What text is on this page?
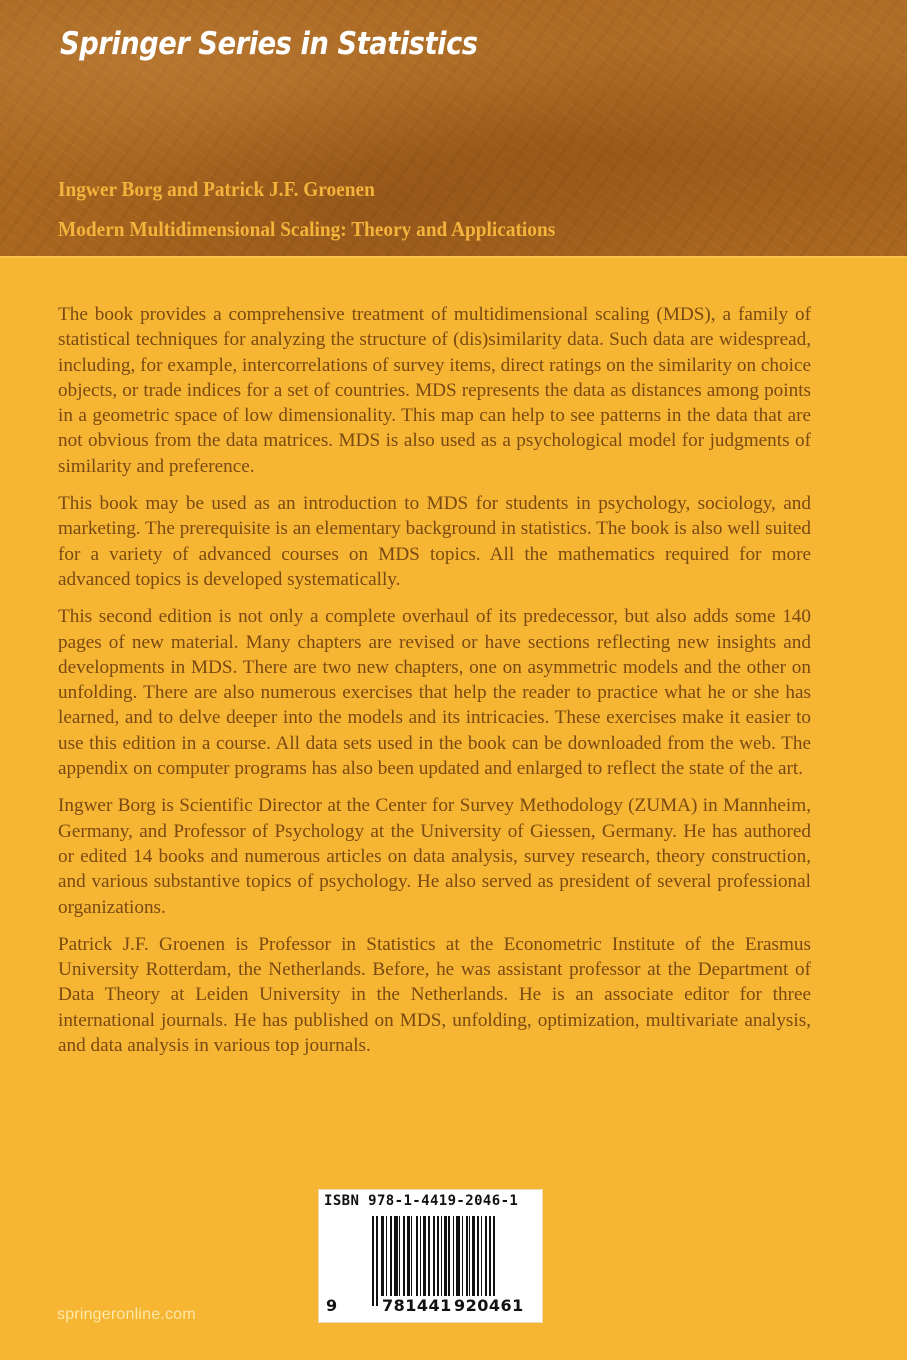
Springer Series in Statistics
Ingwer Borg and Patrick J.F. Groenen
Modern Multidimensional Scaling: Theory and Applications

The book provides a comprehensive treatment of multidimensional scaling (MDS), a family of statistical techniques for analyzing the structure of (dis)similarity data. Such data are widespread, including, for example, intercorrelations of survey items, direct ratings on the similarity on choice objects, or trade indices for a set of countries. MDS represents the data as distances among points in a geometric space of low dimensionality. This map can help to see patterns in the data that are not obvious from the data matrices. MDS is also used as a psychological model for judgments of similarity and preference.

This book may be used as an introduction to MDS for students in psychology, sociology, and marketing. The prerequisite is an elementary background in statistics. The book is also well suited for a variety of advanced courses on MDS topics. All the mathematics required for more advanced topics is developed systematically.

This second edition is not only a complete overhaul of its predecessor, but also adds some 140 pages of new material. Many chapters are revised or have sections reflecting new insights and developments in MDS. There are two new chapters, one on asymmetric models and the other on unfolding. There are also numerous exercises that help the reader to practice what he or she has learned, and to delve deeper into the models and its intricacies. These exercises make it easier to use this edition in a course. All data sets used in the book can be downloaded from the web. The appendix on computer programs has also been updated and enlarged to reflect the state of the art.

Ingwer Borg is Scientific Director at the Center for Survey Methodology (ZUMA) in Mannheim, Germany, and Professor of Psychology at the University of Giessen, Germany. He has authored or edited 14 books and numerous articles on data analysis, survey research, theory construction, and various substantive topics of psychology. He also served as president of several professional organizations.

Patrick J.F. Groenen is Professor in Statistics at the Econometric Institute of the Erasmus University Rotterdam, the Netherlands. Before, he was assistant professor at the Department of Data Theory at Leiden University in the Netherlands. He is an associate editor for three international journals. He has published on MDS, unfolding, optimization, multivariate analysis, and data analysis in various top journals.

ISBN 978-1-4419-2046-1
9	781441 920461
springeronline.com
